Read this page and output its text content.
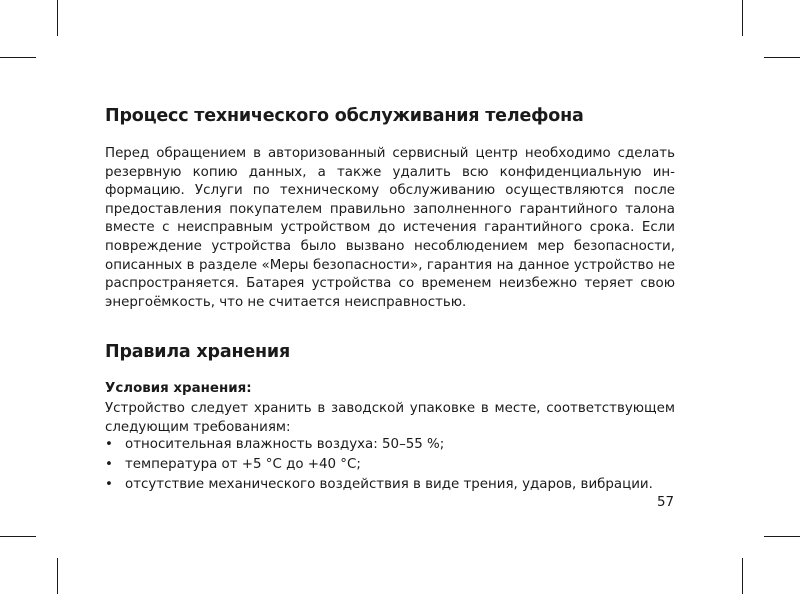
Процесс технического обслуживания телефона

Перед обращением в авторизованный сервисный центр необходимо сделать резервную копию данных, а также удалить всю конфиденциальную информацию. Услуги по техническому обслуживанию осуществляются после предоставления покупателем правильно заполненного гарантийного талона вместе с неисправным устройством до истечения гарантийного срока. Если повреждение устройства было вызвано несоблюдением мер безопасности, описанных в разделе «Меры безопасности», гарантия на данное устройство не распространяется. Батарея устройства со временем неизбежно теряет свою энергоёмкость, что не считается неисправностью.

Правила хранения
Условия хранения:

Устройство следует хранить в заводской упаковке в месте, соответствующем следующим требованиям:

• относительная влажность воздуха: 50–55 %;
• температура от +5 °C до +40 °C;
• отсутствие механического воздействия в виде трения, ударов, вибрации.
57
